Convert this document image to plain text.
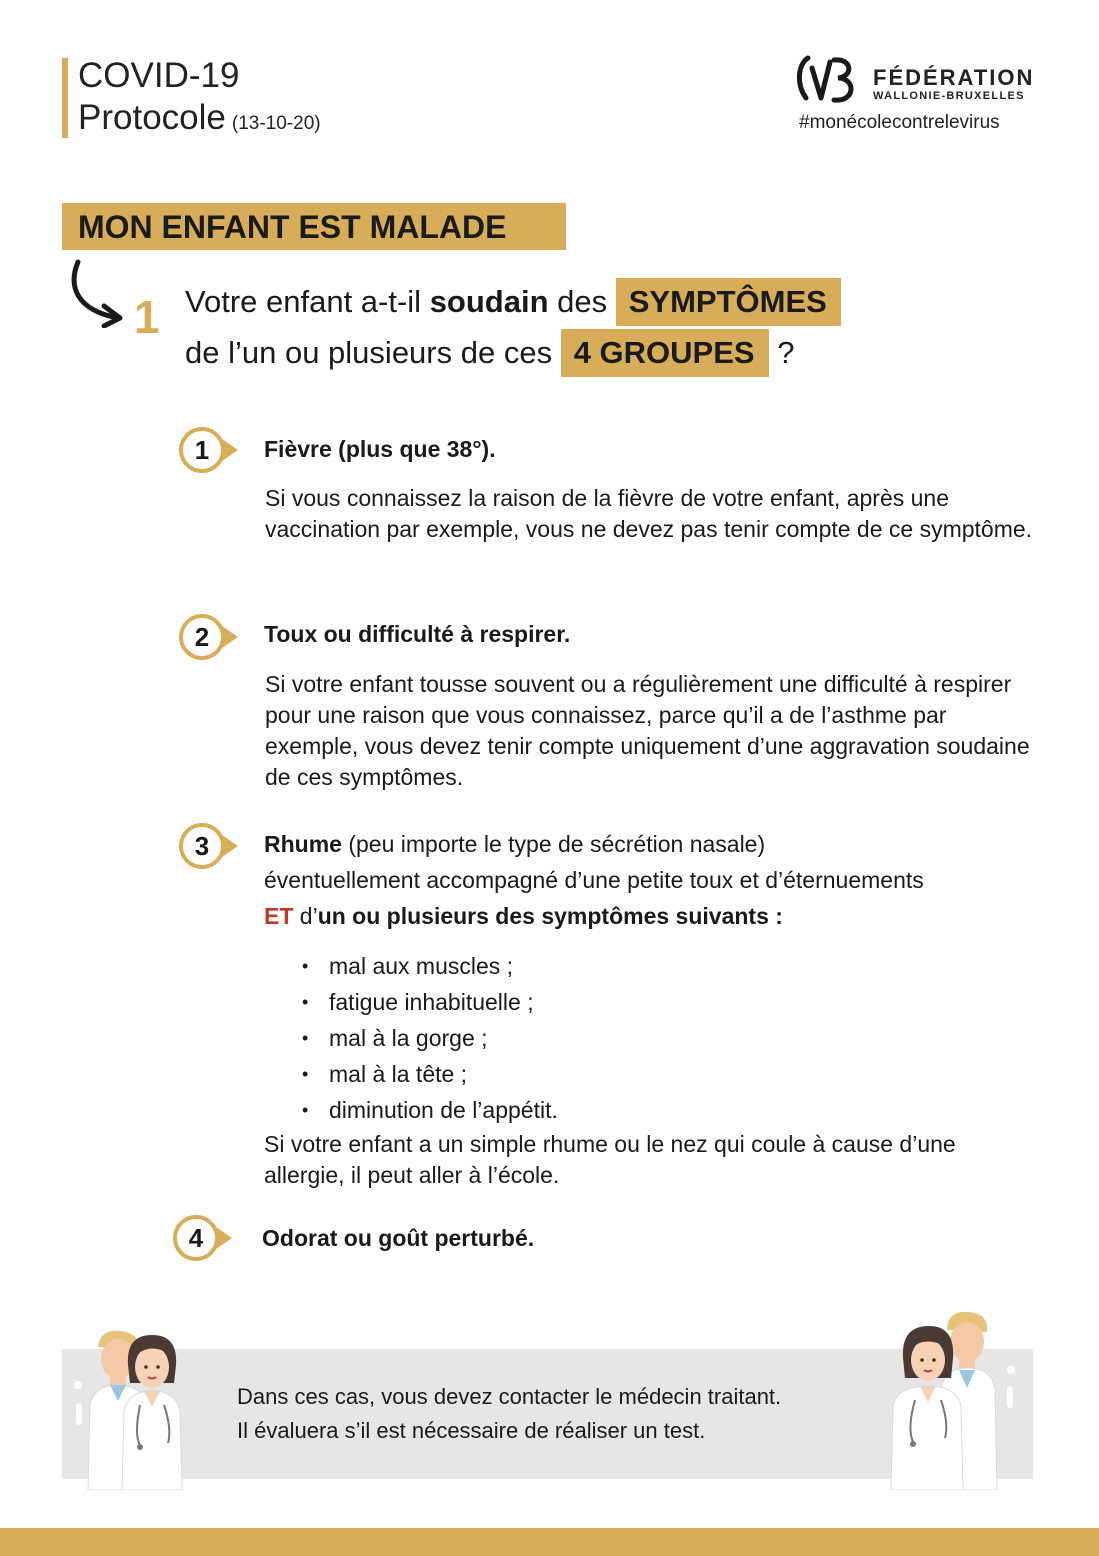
COVID-19
Protocole (13-10-20)
FÉDÉRATION
WALLONIE-BRUXELLES
#monécolecontrelevirus
MON ENFANT EST MALADE
1 Votre enfant a-t-il soudain des SYMPTÔMES
de l’un ou plusieurs de ces 4 GROUPES ?
1	Fièvre (plus que 38°).
Si vous connaissez la raison de la fièvre de votre enfant, après une vaccination par exemple, vous ne devez pas tenir compte de ce symptôme.
2	Toux ou difficulté à respirer.
Si votre enfant tousse souvent ou a régulièrement une difficulté à respirer pour une raison que vous connaissez, parce qu’il a de l’asthme par exemple, vous devez tenir compte uniquement d’une aggravation soudaine de ces symptômes.
3	Rhume (peu importe le type de sécrétion nasale)
éventuellement accompagné d’une petite toux et d’éternuements
ET d’un ou plusieurs des symptômes suivants :
• mal aux muscles ;
• fatigue inhabituelle ;
• mal à la gorge ;
• mal à la tête ;
• diminution de l’appétit.
Si votre enfant a un simple rhume ou le nez qui coule à cause d’une allergie, il peut aller à l’école.
4	Odorat ou goût perturbé.
Dans ces cas, vous devez contacter le médecin traitant.
Il évaluera s’il est nécessaire de réaliser un test.
